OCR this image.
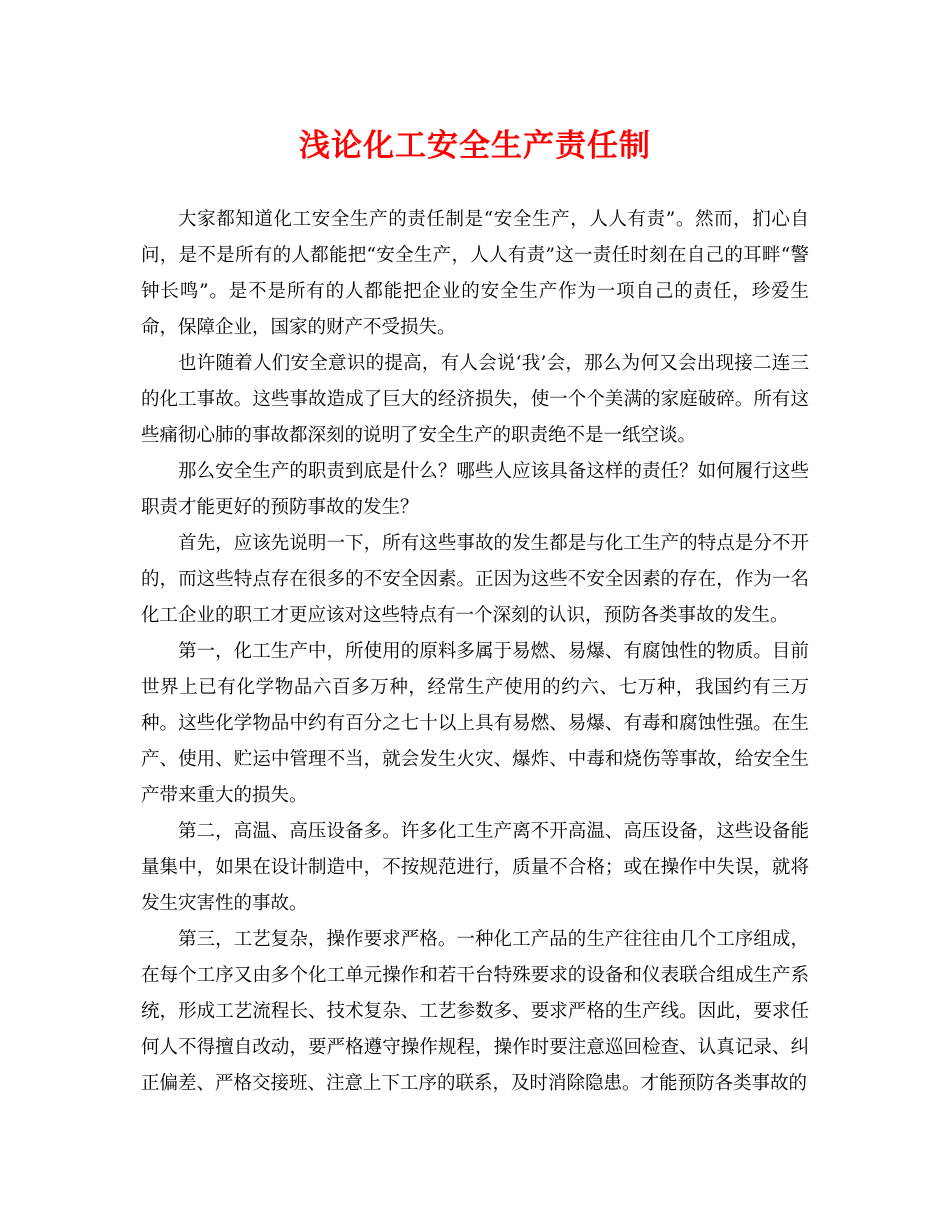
浅论化工安全生产责任制

大家都知道化工安全生产的责任制是“安全生产，人人有责”。然而，扪心自问，是不是所有的人都能把“安全生产，人人有责”这一责任时刻在自己的耳畔“警钟长鸣”。是不是所有的人都能把企业的安全生产作为一项自己的责任，珍爱生命，保障企业，国家的财产不受损失。

也许随着人们安全意识的提高，有人会说‘我’会，那么为何又会出现接二连三的化工事故。这些事故造成了巨大的经济损失，使一个个美满的家庭破碎。所有这些痛彻心肺的事故都深刻的说明了安全生产的职责绝不是一纸空谈。

那么安全生产的职责到底是什么？哪些人应该具备这样的责任？如何履行这些职责才能更好的预防事故的发生？

首先，应该先说明一下，所有这些事故的发生都是与化工生产的特点是分不开的，而这些特点存在很多的不安全因素。正因为这些不安全因素的存在，作为一名化工企业的职工才更应该对这些特点有一个深刻的认识，预防各类事故的发生。

第一，化工生产中，所使用的原料多属于易燃、易爆、有腐蚀性的物质。目前世界上已有化学物品六百多万种，经常生产使用的约六、七万种，我国约有三万种。这些化学物品中约有百分之七十以上具有易燃、易爆、有毒和腐蚀性强。在生产、使用、贮运中管理不当，就会发生火灾、爆炸、中毒和烧伤等事故，给安全生产带来重大的损失。

第二，高温、高压设备多。许多化工生产离不开高温、高压设备，这些设备能量集中，如果在设计制造中，不按规范进行，质量不合格；或在操作中失误，就将发生灾害性的事故。

第三，工艺复杂，操作要求严格。一种化工产品的生产往往由几个工序组成，在每个工序又由多个化工单元操作和若干台特殊要求的设备和仪表联合组成生产系统，形成工艺流程长、技术复杂、工艺参数多、要求严格的生产线。因此，要求任何人不得擅自改动，要严格遵守操作规程，操作时要注意巡回检查、认真记录、纠正偏差、严格交接班、注意上下工序的联系，及时消除隐患。才能预防各类事故的
